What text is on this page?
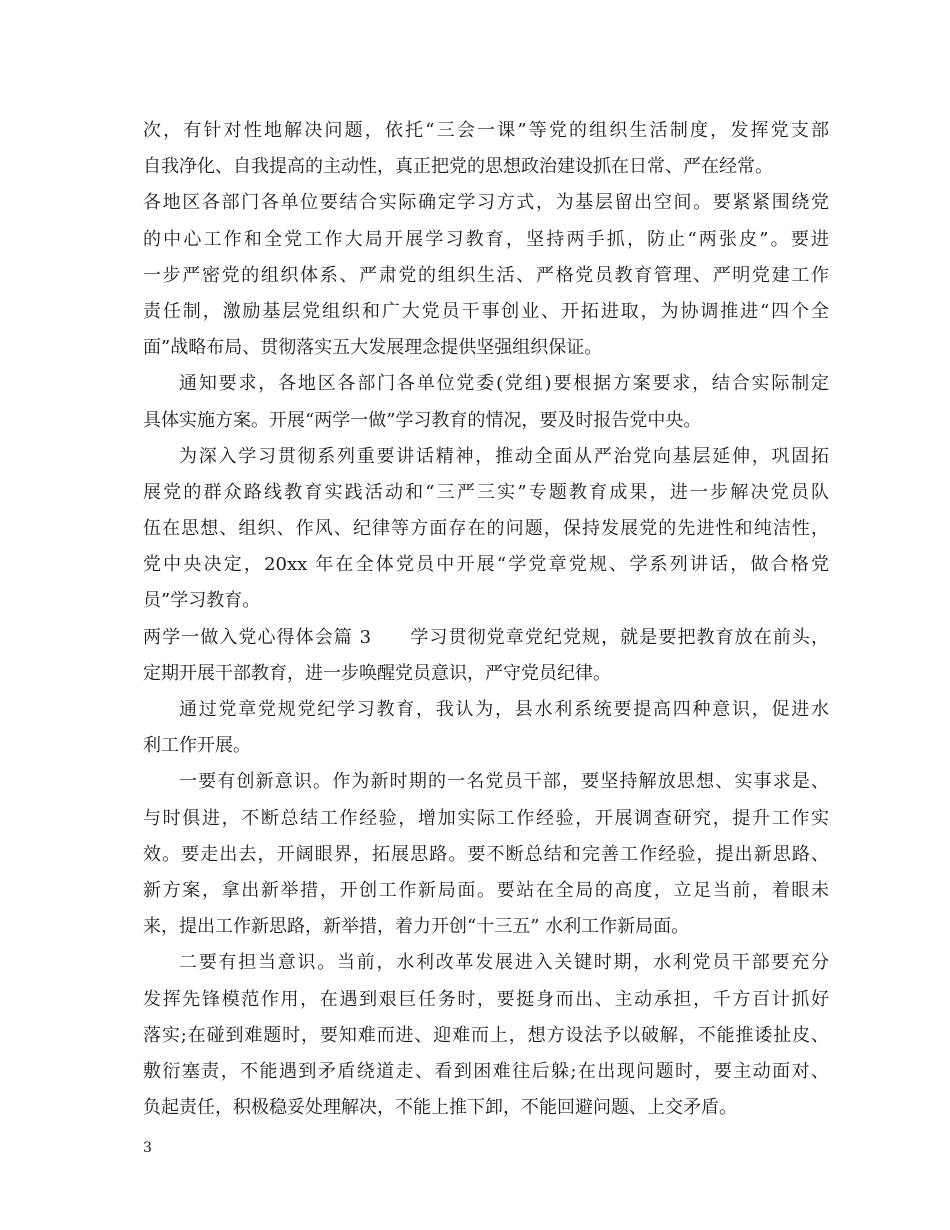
次，有针对性地解决问题，依托“三会一课”等党的组织生活制度，发挥党支部
自我净化、自我提高的主动性，真正把党的思想政治建设抓在日常、严在经常。
各地区各部门各单位要结合实际确定学习方式，为基层留出空间。要紧紧围绕党
的中心工作和全党工作大局开展学习教育，坚持两手抓，防止“两张皮”。要进
一步严密党的组织体系、严肃党的组织生活、严格党员教育管理、严明党建工作
责任制，激励基层党组织和广大党员干事创业、开拓进取，为协调推进“四个全
面”战略布局、贯彻落实五大发展理念提供坚强组织保证。
通知要求，各地区各部门各单位党委(党组)要根据方案要求，结合实际制定
具体实施方案。开展“两学一做”学习教育的情况，要及时报告党中央。
为深入学习贯彻系列重要讲话精神，推动全面从严治党向基层延伸，巩固拓
展党的群众路线教育实践活动和“三严三实”专题教育成果，进一步解决党员队
伍在思想、组织、作风、纪律等方面存在的问题，保持发展党的先进性和纯洁性，
党中央决定，20xx 年在全体党员中开展“学党章党规、学系列讲话，做合格党
员”学习教育。
两学一做入党心得体会篇 3　　学习贯彻党章党纪党规，就是要把教育放在前头，
定期开展干部教育，进一步唤醒党员意识，严守党员纪律。
通过党章党规党纪学习教育，我认为，县水利系统要提高四种意识，促进水
利工作开展。
一要有创新意识。作为新时期的一名党员干部，要坚持解放思想、实事求是、
与时俱进，不断总结工作经验，增加实际工作经验，开展调查研究，提升工作实
效。要走出去，开阔眼界，拓展思路。要不断总结和完善工作经验，提出新思路、
新方案，拿出新举措，开创工作新局面。要站在全局的高度，立足当前，着眼未
来，提出工作新思路，新举措，着力开创“十三五” 水利工作新局面。
二要有担当意识。当前，水利改革发展进入关键时期，水利党员干部要充分
发挥先锋模范作用，在遇到艰巨任务时，要挺身而出、主动承担，千方百计抓好
落实;在碰到难题时，要知难而进、迎难而上，想方设法予以破解，不能推诿扯皮、
敷衍塞责，不能遇到矛盾绕道走、看到困难往后躲;在出现问题时，要主动面对、
负起责任，积极稳妥处理解决，不能上推下卸，不能回避问题、上交矛盾。
3
